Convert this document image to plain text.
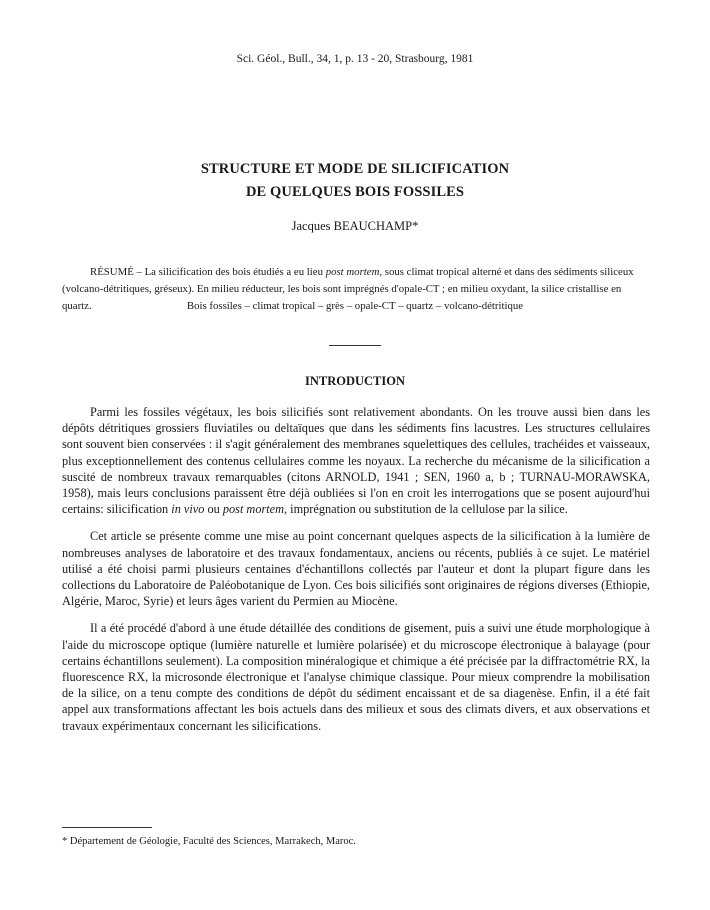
Sci. Géol., Bull., 34, 1, p. 13 - 20, Strasbourg, 1981
STRUCTURE ET MODE DE SILICIFICATION
DE QUELQUES BOIS FOSSILES
Jacques BEAUCHAMP*

RÉSUMÉ – La silicification des bois étudiés a eu lieu post mortem, sous climat tropical alterné et dans des sédiments siliceux (volcano-détritiques, gréseux). En milieu réducteur, les bois sont imprégnés d'opale-CT ; en milieu oxydant, la silice cristallise en quartz.	Bois fossiles – climat tropical – grès – opale-CT – quartz – volcano-détritique
INTRODUCTION

Parmi les fossiles végétaux, les bois silicifiés sont relativement abondants. On les trouve aussi bien dans les dépôts détritiques grossiers fluviatiles ou deltaïques que dans les sédiments fins lacustres. Les structures cellulaires sont souvent bien conservées : il s'agit généralement des membranes squelettiques des cellules, trachéides et vaisseaux, plus exceptionnellement des contenus cellulaires comme les noyaux. La recherche du mécanisme de la silicification a suscité de nombreux travaux remarquables (citons ARNOLD, 1941 ; SEN, 1960 a, b ; TURNAU-MORAWSKA, 1958), mais leurs conclusions paraissent être déjà oubliées si l'on en croit les interrogations que se posent aujourd'hui certains: silicification in vivo ou post mortem, imprégnation ou substitution de la cellulose par la silice.

Cet article se présente comme une mise au point concernant quelques aspects de la silicification à la lumière de nombreuses analyses de laboratoire et des travaux fondamentaux, anciens ou récents, publiés à ce sujet. Le matériel utilisé a été choisi parmi plusieurs centaines d'échantillons collectés par l'auteur et dont la plupart figure dans les collections du Laboratoire de Paléobotanique de Lyon. Ces bois silicifiés sont originaires de régions diverses (Ethiopie, Algérie, Maroc, Syrie) et leurs âges varient du Permien au Miocène.

Il a été procédé d'abord à une étude détaillée des conditions de gisement, puis a suivi une étude morphologique à l'aide du microscope optique (lumière naturelle et lumière polarisée) et du microscope électronique à balayage (pour certains échantillons seulement). La composition minéralogique et chimique a été précisée par la diffractométrie RX, la fluorescence RX, la microsonde électronique et l'analyse chimique classique. Pour mieux comprendre la mobilisation de la silice, on a tenu compte des conditions de dépôt du sédiment encaissant et de sa diagenèse. Enfin, il a été fait appel aux transformations affectant les bois actuels dans des milieux et sous des climats divers, et aux observations et travaux expérimentaux concernant les silicifications.

* Département de Géologie, Faculté des Sciences, Marrakech, Maroc.
